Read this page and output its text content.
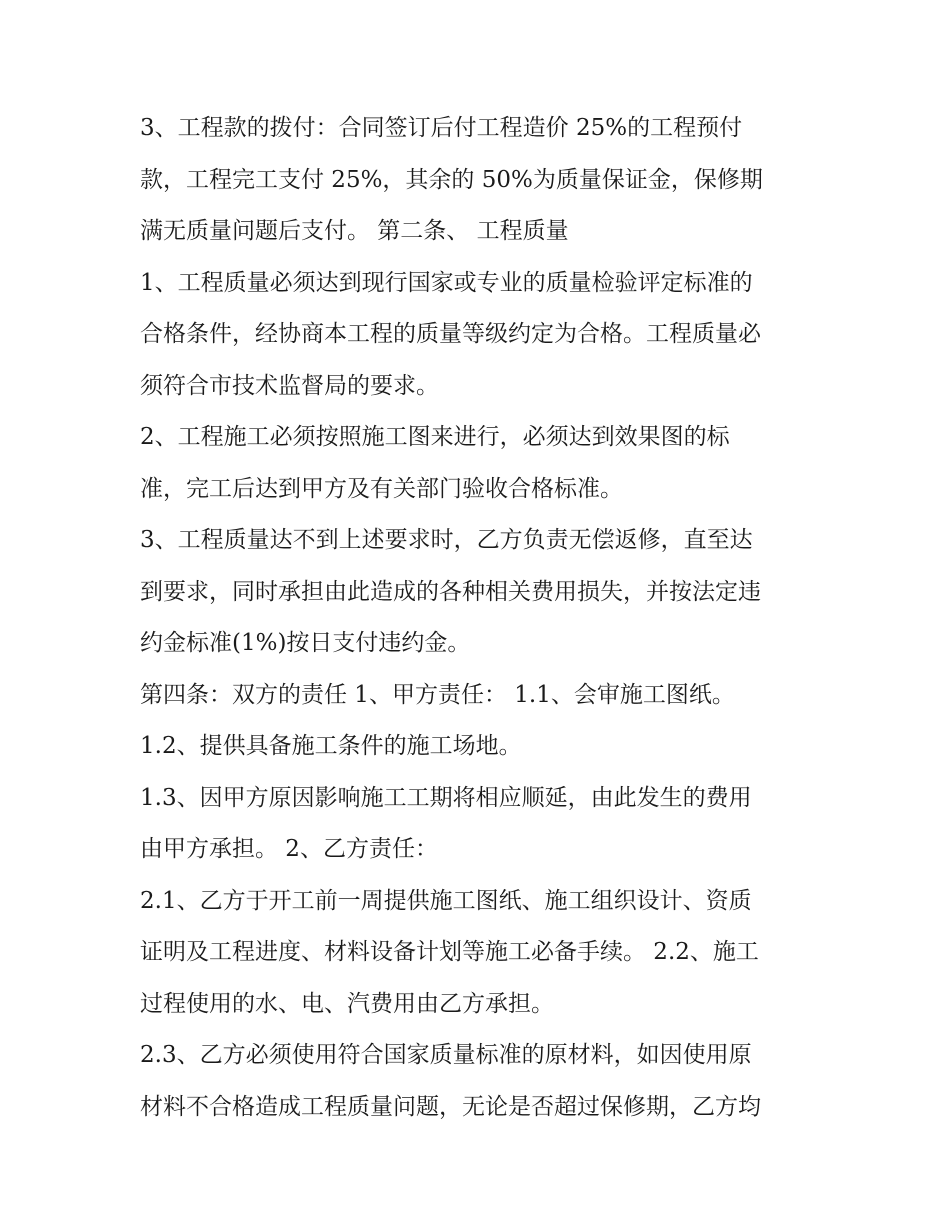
3、工程款的拨付：合同签订后付工程造价 25%的工程预付
款，工程完工支付 25%，其余的 50%为质量保证金，保修期
满无质量问题后支付。 第二条、 工程质量
1、工程质量必须达到现行国家或专业的质量检验评定标准的
合格条件，经协商本工程的质量等级约定为合格。工程质量必
须符合市技术监督局的要求。
2、工程施工必须按照施工图来进行，必须达到效果图的标
准，完工后达到甲方及有关部门验收合格标准。
3、工程质量达不到上述要求时，乙方负责无偿返修，直至达
到要求，同时承担由此造成的各种相关费用损失，并按法定违
约金标准(1%)按日支付违约金。
第四条：双方的责任 1、甲方责任： 1.1、会审施工图纸。
1.2、提供具备施工条件的施工场地。
1.3、因甲方原因影响施工工期将相应顺延，由此发生的费用
由甲方承担。 2、乙方责任：
2.1、乙方于开工前一周提供施工图纸、施工组织设计、资质
证明及工程进度、材料设备计划等施工必备手续。 2.2、施工
过程使用的水、电、汽费用由乙方承担。
2.3、乙方必须使用符合国家质量标准的原材料，如因使用原
材料不合格造成工程质量问题，无论是否超过保修期，乙方均
